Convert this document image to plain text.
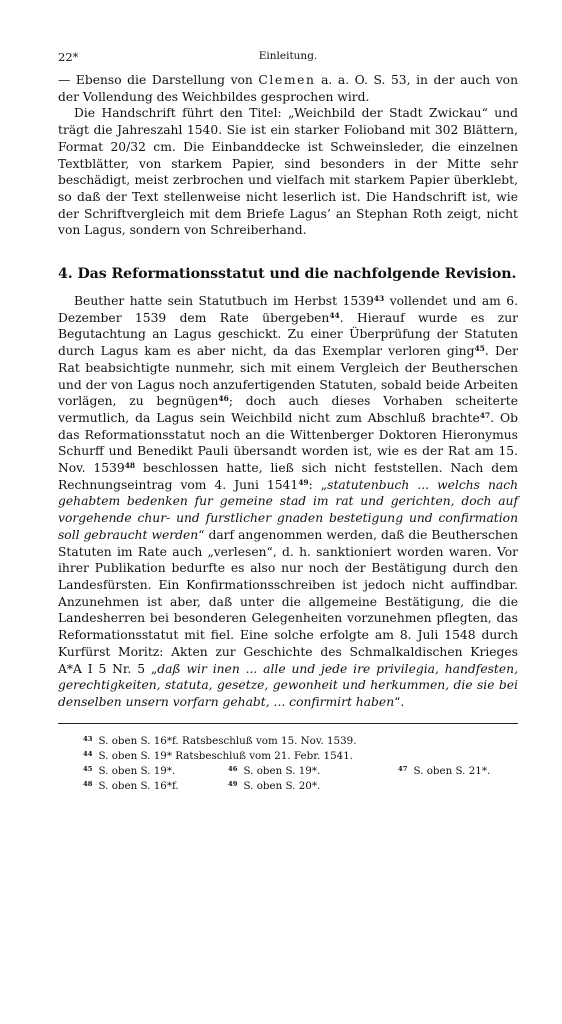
22*	Einleitung.

— Ebenso die Darstellung von Clemen a. a. O. S. 53, in der auch von der Vollendung des Weichbildes gesprochen wird.

Die Handschrift führt den Titel: „Weichbild der Stadt Zwickau“ und trägt die Jahreszahl 1540. Sie ist ein starker Folioband mit 302 Blättern, Format 20/32 cm. Die Einbanddecke ist Schweinsleder, die einzelnen Textblätter, von starkem Papier, sind besonders in der Mitte sehr beschädigt, meist zerbrochen und vielfach mit starkem Papier überklebt, so daß der Text stellenweise nicht leserlich ist. Die Handschrift ist, wie der Schriftvergleich mit dem Briefe Lagus’ an Stephan Roth zeigt, nicht von Lagus, sondern von Schreiberhand.

4. Das Reformationsstatut und die nachfolgende Revision.

Beuther hatte sein Statutbuch im Herbst 1539$^{43}$ vollendet und am 6. Dezember 1539 dem Rate übergeben$^{44}$. Hierauf wurde es zur Begutachtung an Lagus geschickt. Zu einer Überprüfung der Statuten durch Lagus kam es aber nicht, da das Exemplar verloren ging$^{45}$. Der Rat beabsichtigte nunmehr, sich mit einem Vergleich der Beutherschen und der von Lagus noch anzufertigenden Statuten, sobald beide Arbeiten vorlägen, zu begnügen$^{46}$; doch auch dieses Vorhaben scheiterte vermutlich, da Lagus sein Weichbild nicht zum Abschluß brachte$^{47}$. Ob das Reformationsstatut noch an die Wittenberger Doktoren Hieronymus Schurff und Benedikt Pauli übersandt worden ist, wie es der Rat am 15. Nov. 1539$^{48}$ beschlossen hatte, ließ sich nicht feststellen. Nach dem Rechnungseintrag vom 4. Juni 1541$^{49}$: „statutenbuch ... welchs nach gehabtem bedenken fur gemeine stad im rat und gerichten, doch auf vorgehende chur- und furstlicher gnaden bestetigung und confirmation soll gebraucht werden“ darf angenommen werden, daß die Beutherschen Statuten im Rate auch „verlesen“, d. h. sanktioniert worden waren. Vor ihrer Publikation bedurfte es also nur noch der Bestätigung durch den Landesfürsten. Ein Konfirmationsschreiben ist jedoch nicht auffindbar. Anzunehmen ist aber, daß unter die allgemeine Bestätigung, die die Landesherren bei besonderen Gelegenheiten vorzunehmen pflegten, das Reformationsstatut mit fiel. Eine solche erfolgte am 8. Juli 1548 durch Kurfürst Moritz: Akten zur Geschichte des Schmalkaldischen Krieges A*A I 5 Nr. 5 „daß wir inen ... alle und jede ire privilegia, handfesten, gerechtigkeiten, statuta, gesetze, gewonheit und herkummen, die sie bei denselben unsern vorfarn gehabt, ... confirmirt haben“.

$^{43}$ S. oben S. 16*f. Ratsbeschluß vom 15. Nov. 1539.
$^{44}$ S. oben S. 19* Ratsbeschluß vom 21. Febr. 1541.
$^{45}$ S. oben S. 19*.	$^{46}$ S. oben S. 19*.	$^{47}$ S. oben S. 21*.
$^{48}$ S. oben S. 16*f.	$^{49}$ S. oben S. 20*.
